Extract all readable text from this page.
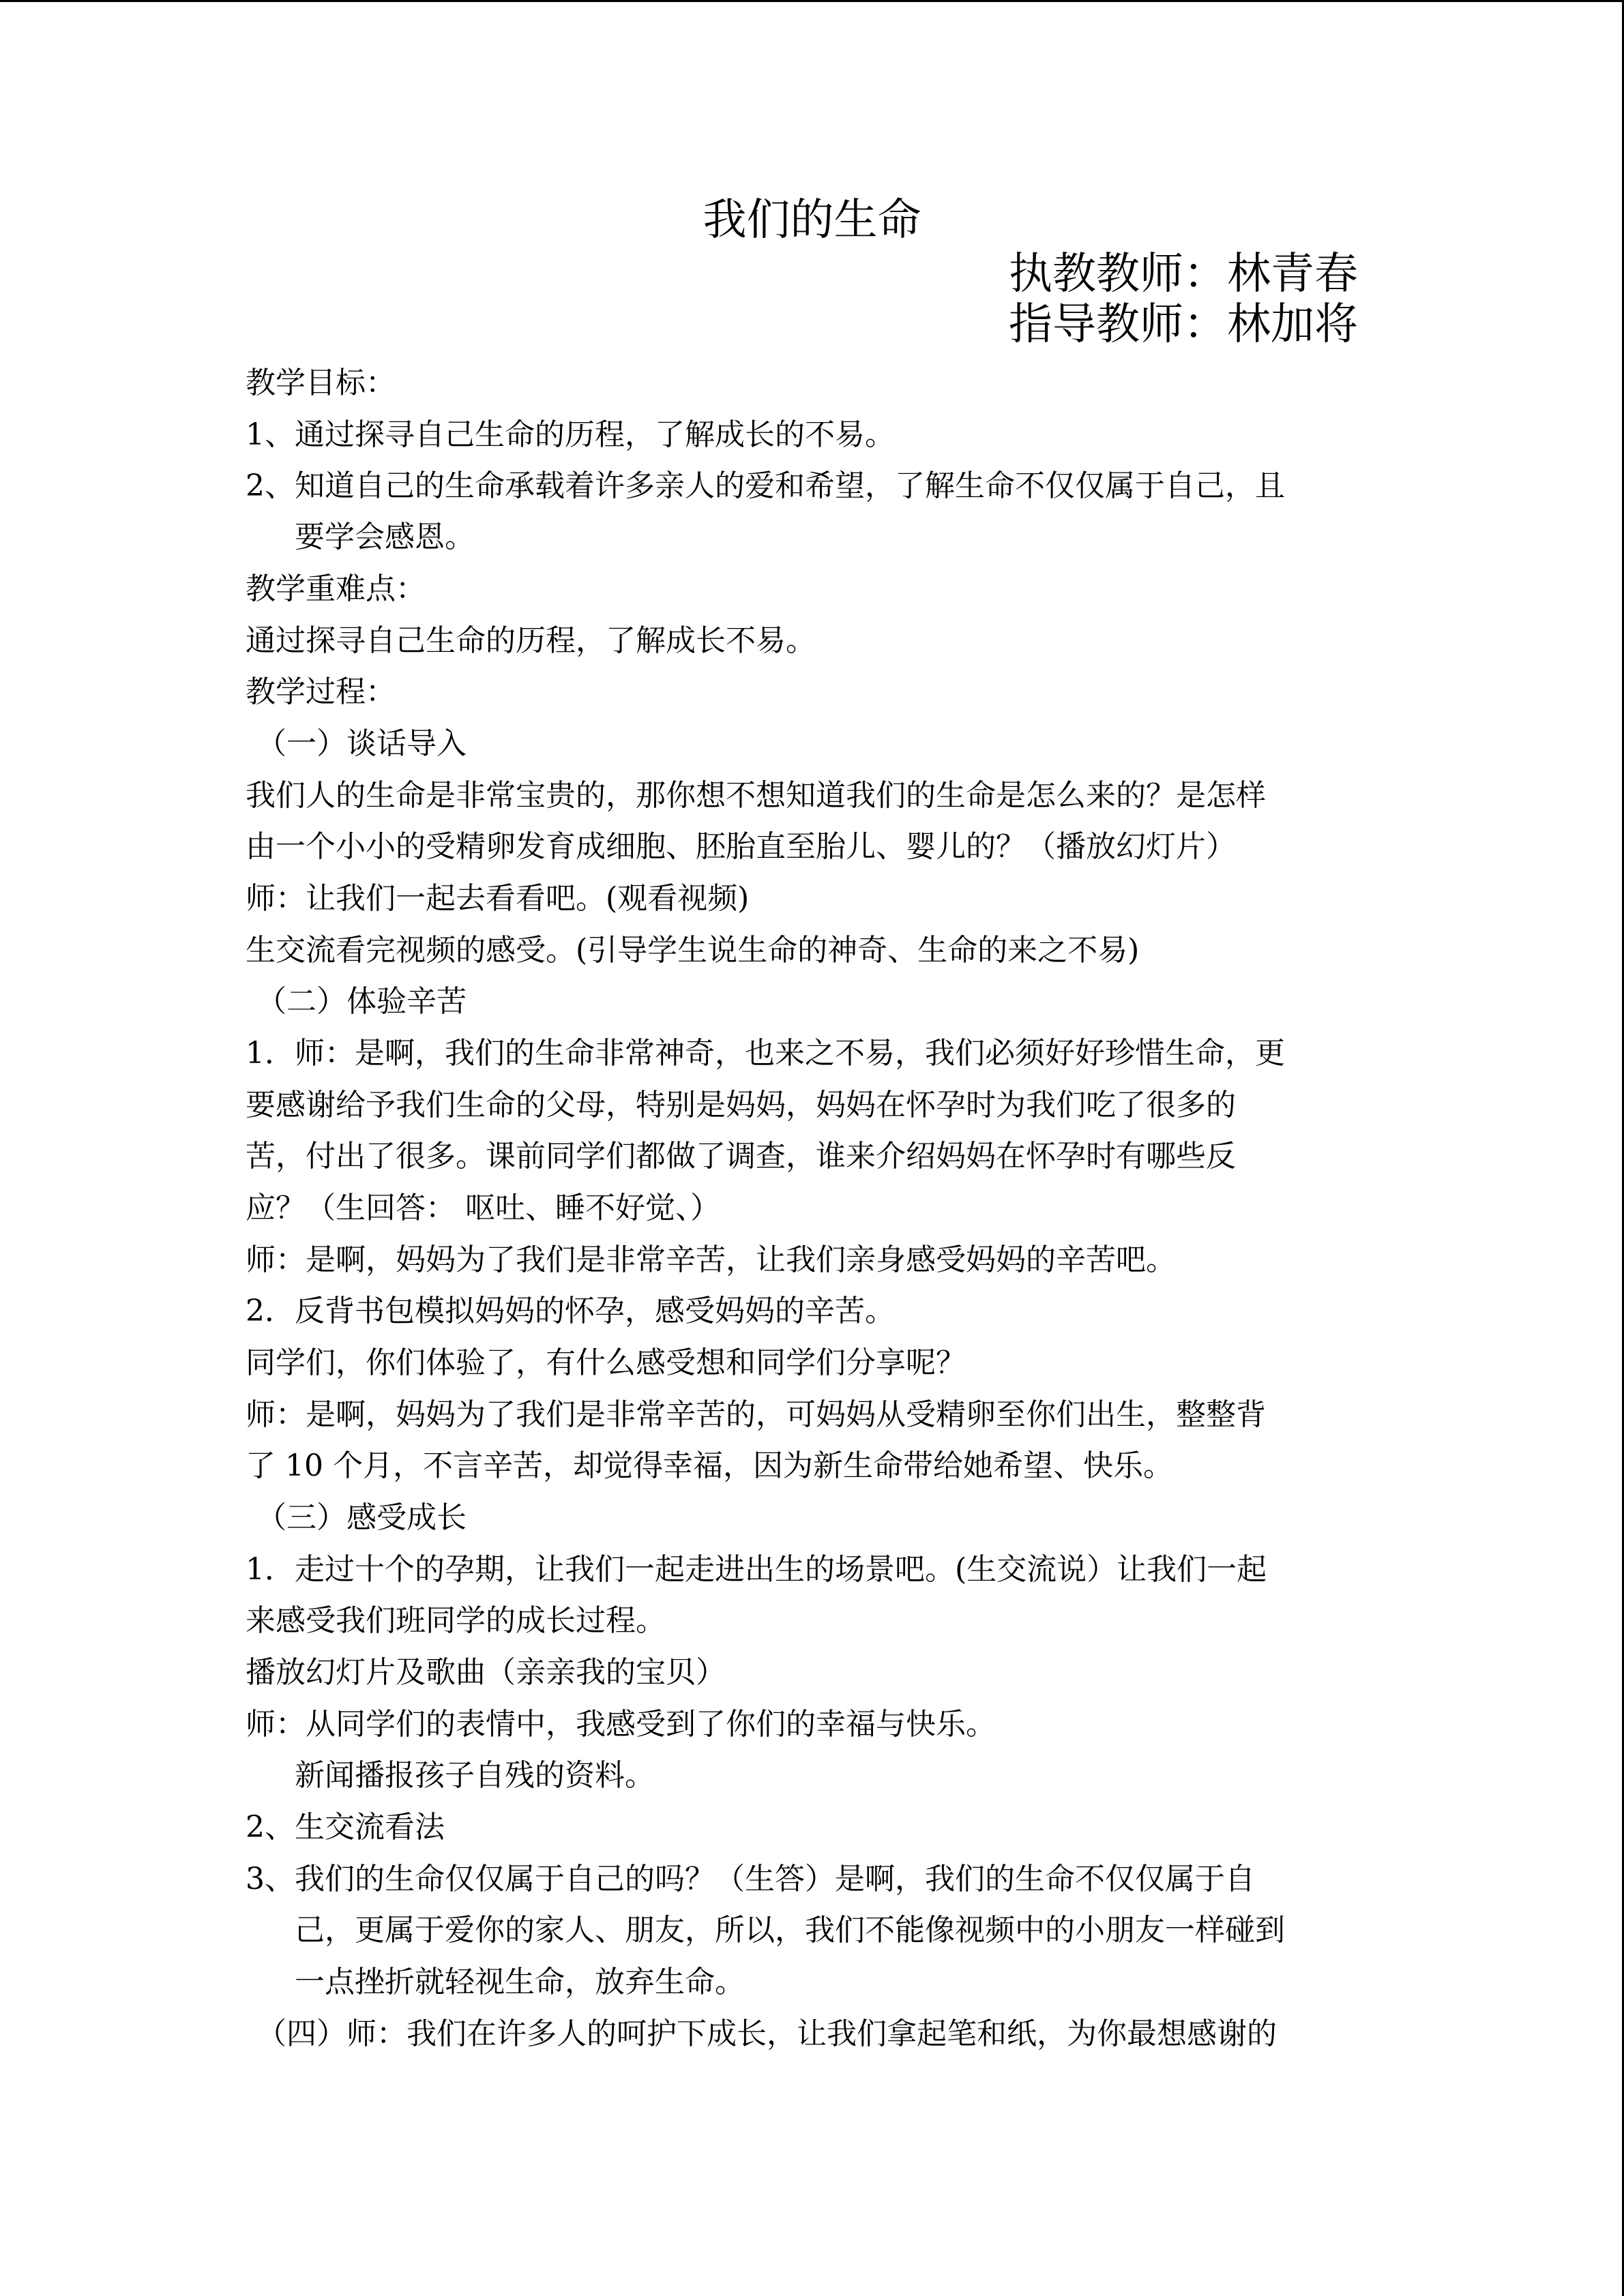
我们的生命
执教教师：林青春
指导教师：林加将
教学目标：
1、通过探寻自己生命的历程，了解成长的不易。
2、知道自己的生命承载着许多亲人的爱和希望，了解生命不仅仅属于自己，且
要学会感恩。
教学重难点：
通过探寻自己生命的历程，了解成长不易。
教学过程：
（一）谈话导入
我们人的生命是非常宝贵的，那你想不想知道我们的生命是怎么来的？是怎样
由一个小小的受精卵发育成细胞、胚胎直至胎儿、婴儿的？（播放幻灯片）
师：让我们一起去看看吧。(观看视频)
生交流看完视频的感受。(引导学生说生命的神奇、生命的来之不易)
（二）体验辛苦
1．师：是啊，我们的生命非常神奇，也来之不易，我们必须好好珍惜生命，更
要感谢给予我们生命的父母，特别是妈妈，妈妈在怀孕时为我们吃了很多的
苦，付出了很多。课前同学们都做了调查，谁来介绍妈妈在怀孕时有哪些反
应？（生回答： 呕吐、睡不好觉、）
师：是啊，妈妈为了我们是非常辛苦，让我们亲身感受妈妈的辛苦吧。
2．反背书包模拟妈妈的怀孕，感受妈妈的辛苦。
同学们，你们体验了，有什么感受想和同学们分享呢？
师：是啊，妈妈为了我们是非常辛苦的，可妈妈从受精卵至你们出生，整整背
了 10 个月，不言辛苦，却觉得幸福，因为新生命带给她希望、快乐。
（三）感受成长
1．走过十个的孕期，让我们一起走进出生的场景吧。(生交流说）让我们一起
来感受我们班同学的成长过程。
播放幻灯片及歌曲（亲亲我的宝贝）
师：从同学们的表情中，我感受到了你们的幸福与快乐。
新闻播报孩子自残的资料。
2、生交流看法
3、我们的生命仅仅属于自己的吗？（生答）是啊，我们的生命不仅仅属于自
己，更属于爱你的家人、朋友，所以，我们不能像视频中的小朋友一样碰到
一点挫折就轻视生命，放弃生命。
（四）师：我们在许多人的呵护下成长，让我们拿起笔和纸，为你最想感谢的
